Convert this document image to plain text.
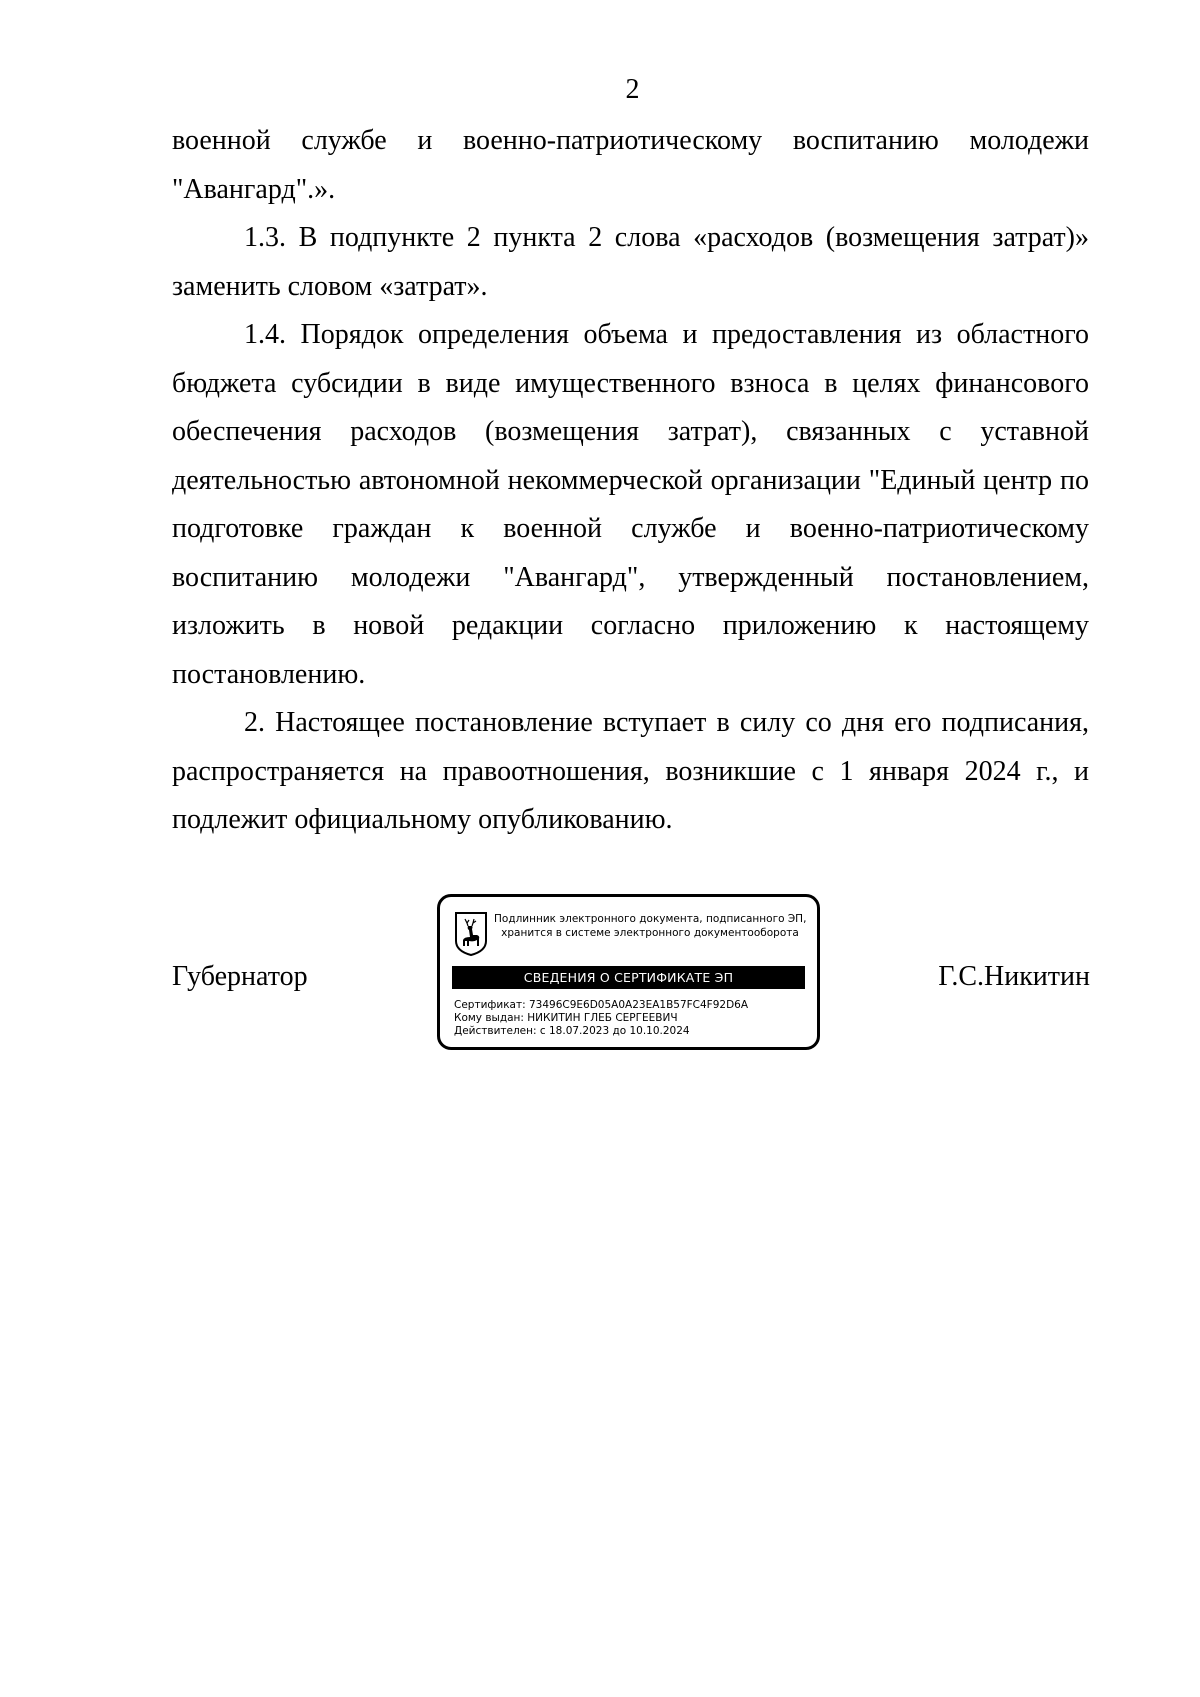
2

военной службе и военно-патриотическому воспитанию молодежи "Авангард".».

1.3. В подпункте 2 пункта 2 слова «расходов (возмещения затрат)» заменить словом «затрат».

1.4. Порядок определения объема и предоставления из областного бюджета субсидии в виде имущественного взноса в целях финансового обеспечения расходов (возмещения затрат), связанных с уставной деятельностью автономной некоммерческой организации "Единый центр по подготовке граждан к военной службе и военно-патриотическому воспитанию молодежи "Авангард", утвержденный постановлением, изложить в новой редакции согласно приложению к настоящему постановлению.

2. Настоящее постановление вступает в силу со дня его подписания, распространяется на правоотношения, возникшие с 1 января 2024 г., и подлежит официальному опубликованию.

Губернатор
Подлинник электронного документа, подписанного ЭП,
хранится в системе электронного документооборота
СВЕДЕНИЯ О СЕРТИФИКАТЕ ЭП
Сертификат: 73496C9E6D05A0A23EA1B57FC4F92D6A
Кому выдан: НИКИТИН ГЛЕБ СЕРГЕЕВИЧ
Действителен: с 18.07.2023 до 10.10.2024
Г.С.Никитин
